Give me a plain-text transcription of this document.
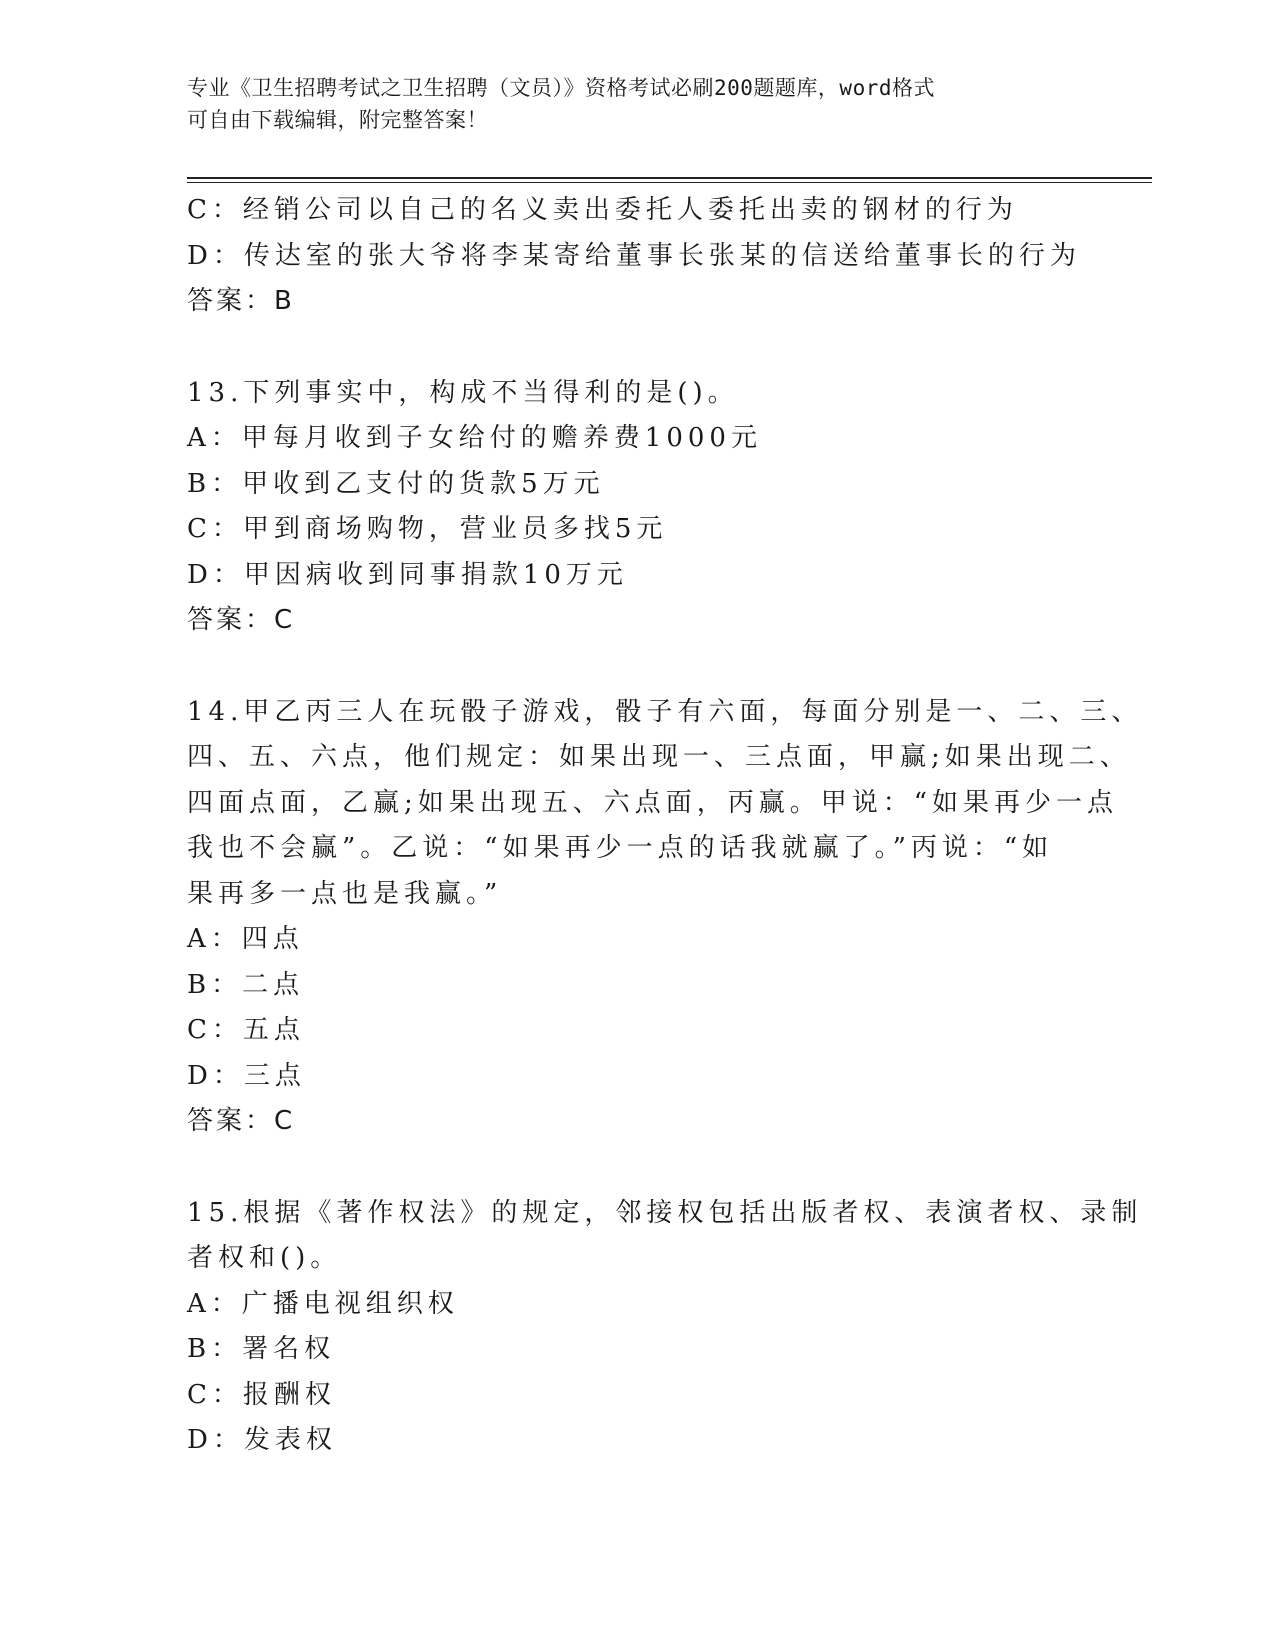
专业《卫生招聘考试之卫生招聘（文员）》资格考试必刷200题题库，word格式
可自由下载编辑，附完整答案！
C：经销公司以自己的名义卖出委托人委托出卖的钢材的行为
D：传达室的张大爷将李某寄给董事长张某的信送给董事长的行为
答案：B
13.下列事实中，构成不当得利的是()。
A：甲每月收到子女给付的赡养费1000元
B：甲收到乙支付的货款5万元
C：甲到商场购物，营业员多找5元
D：甲因病收到同事捐款10万元
答案：C
14.甲乙丙三人在玩骰子游戏，骰子有六面，每面分别是一、二、三、
四、五、六点，他们规定：如果出现一、三点面，甲赢;如果出现二、
四面点面，乙赢;如果出现五、六点面，丙赢。甲说：“如果再少一点
我也不会赢”。乙说：“如果再少一点的话我就赢了。”丙说：“如
果再多一点也是我赢。”
A：四点
B：二点
C：五点
D：三点
答案：C
15.根据《著作权法》的规定，邻接权包括出版者权、表演者权、录制
者权和()。
A：广播电视组织权
B：署名权
C：报酬权
D：发表权
